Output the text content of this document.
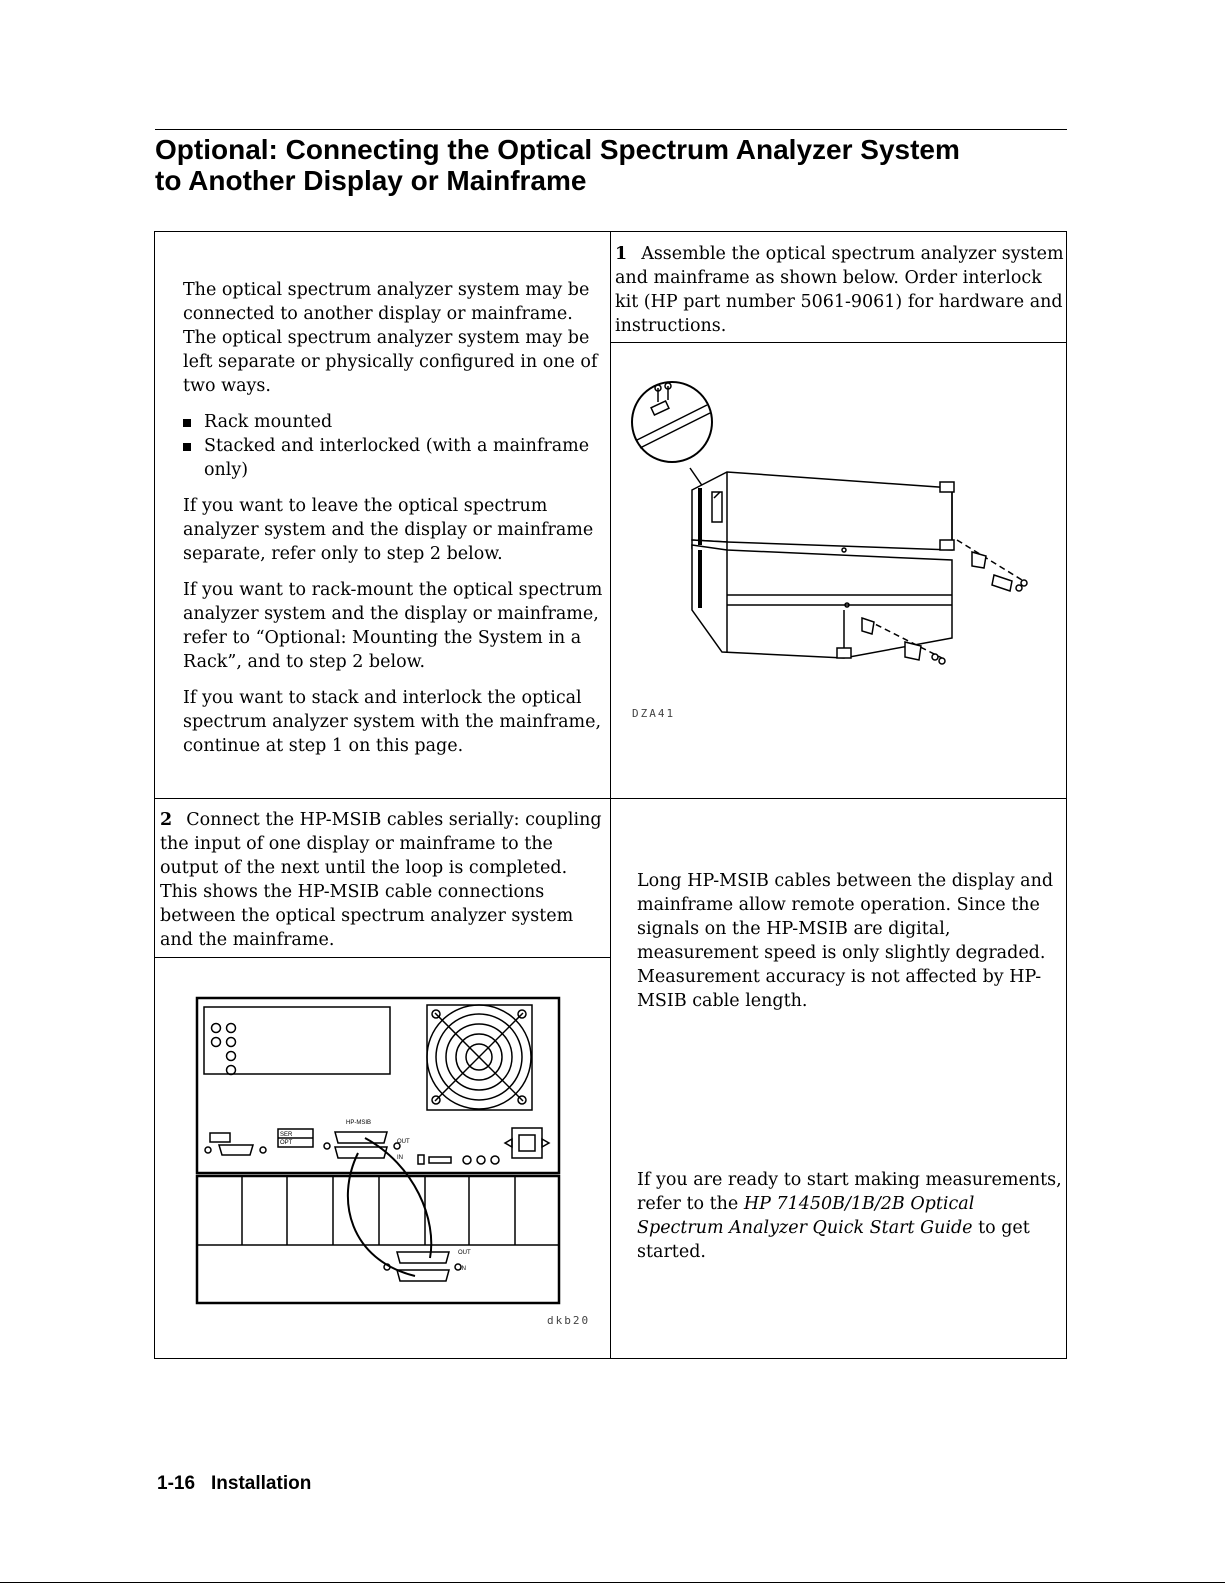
Optional: Connecting the Optical Spectrum Analyzer System
to Another Display or Mainframe

The optical spectrum analyzer system may be connected to another display or mainframe. The optical spectrum analyzer system may be left separate or physically configured in one of two ways.

Rack mounted
Stacked and interlocked (with a mainframe only)

If you want to leave the optical spectrum analyzer system and the display or mainframe separate, refer only to step 2 below.

If you want to rack-mount the optical spectrum analyzer system and the display or mainframe, refer to “Optional: Mounting the System in a Rack”, and to step 2 below.

If you want to stack and interlock the optical spectrum analyzer system with the mainframe, continue at step 1 on this page.

1 Assemble the optical spectrum analyzer system and mainframe as shown below. Order interlock kit (HP part number 5061-9061) for hardware and instructions.
DZA41
2 Connect the HP-MSIB cables serially: coupling the input of one display or mainframe to the output of the next until the loop is completed. This shows the HP-MSIB cable connections between the optical spectrum analyzer system and the mainframe.
HP-MSIB
OUT
IN
SER
OPT
OUT
IN
dkb20
Long HP-MSIB cables between the display and mainframe allow remote operation. Since the signals on the HP-MSIB are digital, measurement speed is only slightly degraded. Measurement accuracy is not affected by HP-MSIB cable length.
If you are ready to start making measurements, refer to the HP 71450B/1B/2B Optical Spectrum Analyzer Quick Start Guide to get started.
1-16 Installation
